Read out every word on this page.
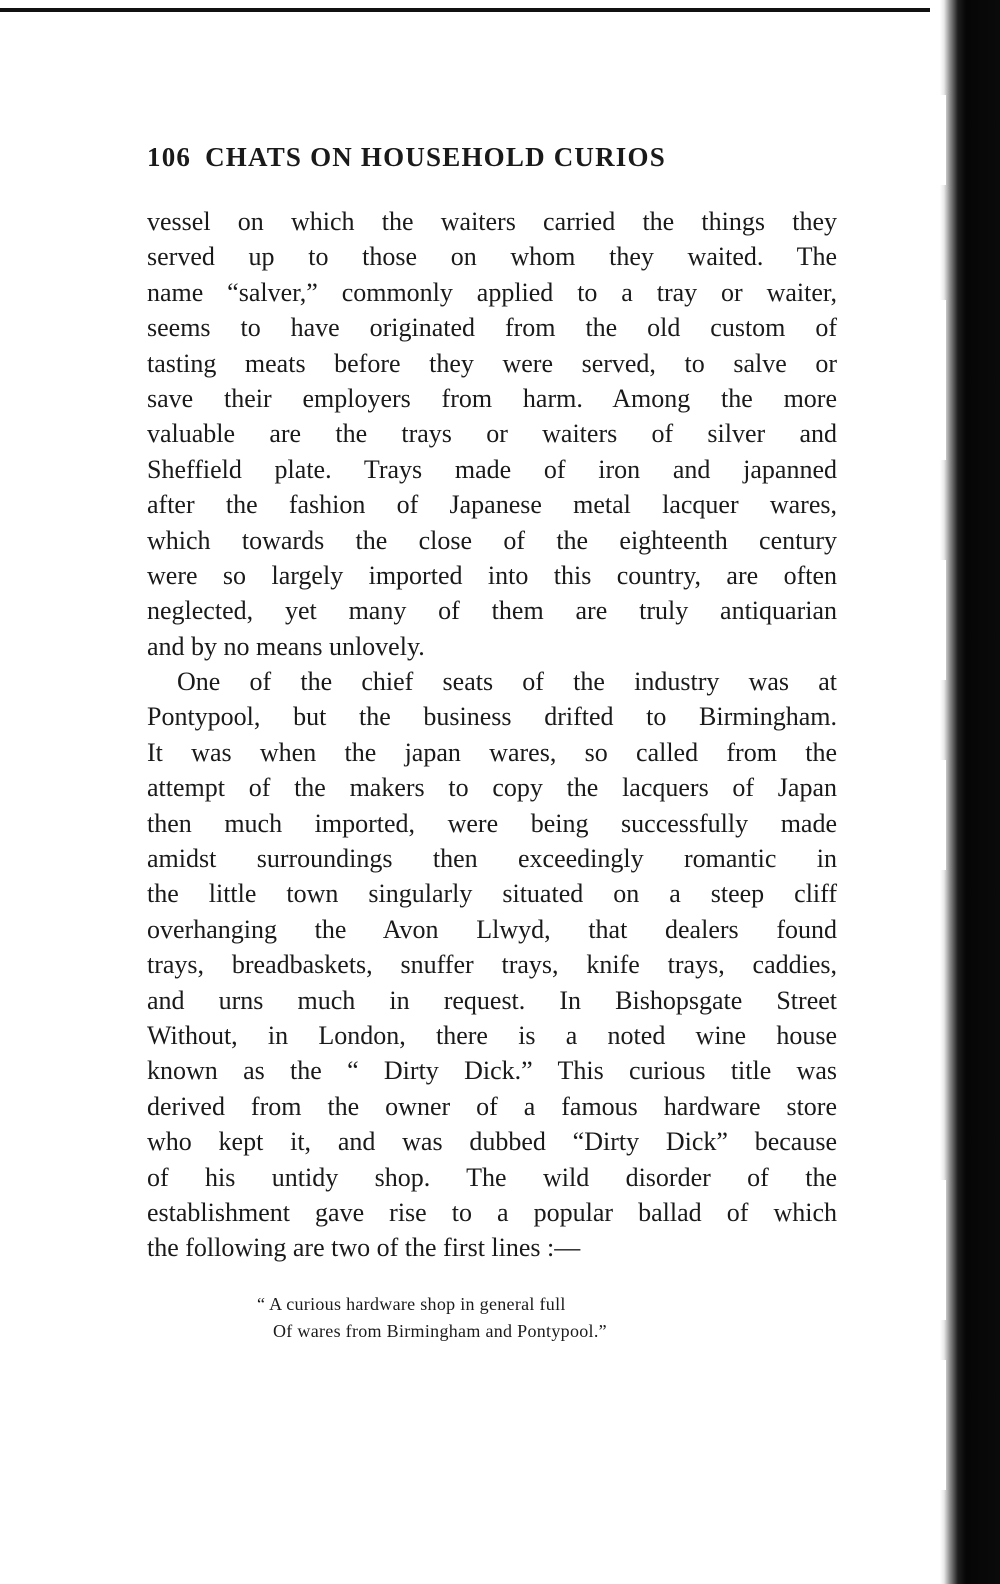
106 CHATS ON HOUSEHOLD CURIOS
vessel on which the waiters carried the things they
served up to those on whom they waited. The
name “salver,” commonly applied to a tray or waiter,
seems to have originated from the old custom of
tasting meats before they were served, to salve or
save their employers from harm. Among the more
valuable are the trays or waiters of silver and
Sheffield plate. Trays made of iron and japanned
after the fashion of Japanese metal lacquer wares,
which towards the close of the eighteenth century
were so largely imported into this country, are often
neglected, yet many of them are truly antiquarian
and by no means unlovely.
One of the chief seats of the industry was at
Pontypool, but the business drifted to Birmingham.
It was when the japan wares, so called from the
attempt of the makers to copy the lacquers of Japan
then much imported, were being successfully made
amidst surroundings then exceedingly romantic in
the little town singularly situated on a steep cliff
overhanging the Avon Llwyd, that dealers found
trays, breadbaskets, snuffer trays, knife trays, caddies,
and urns much in request. In Bishopsgate Street
Without, in London, there is a noted wine house
known as the “ Dirty Dick.” This curious title was
derived from the owner of a famous hardware store
who kept it, and was dubbed “Dirty Dick” because
of his untidy shop. The wild disorder of the
establishment gave rise to a popular ballad of which
the following are two of the first lines :—
“ A curious hardware shop in general full
Of wares from Birmingham and Pontypool.”
